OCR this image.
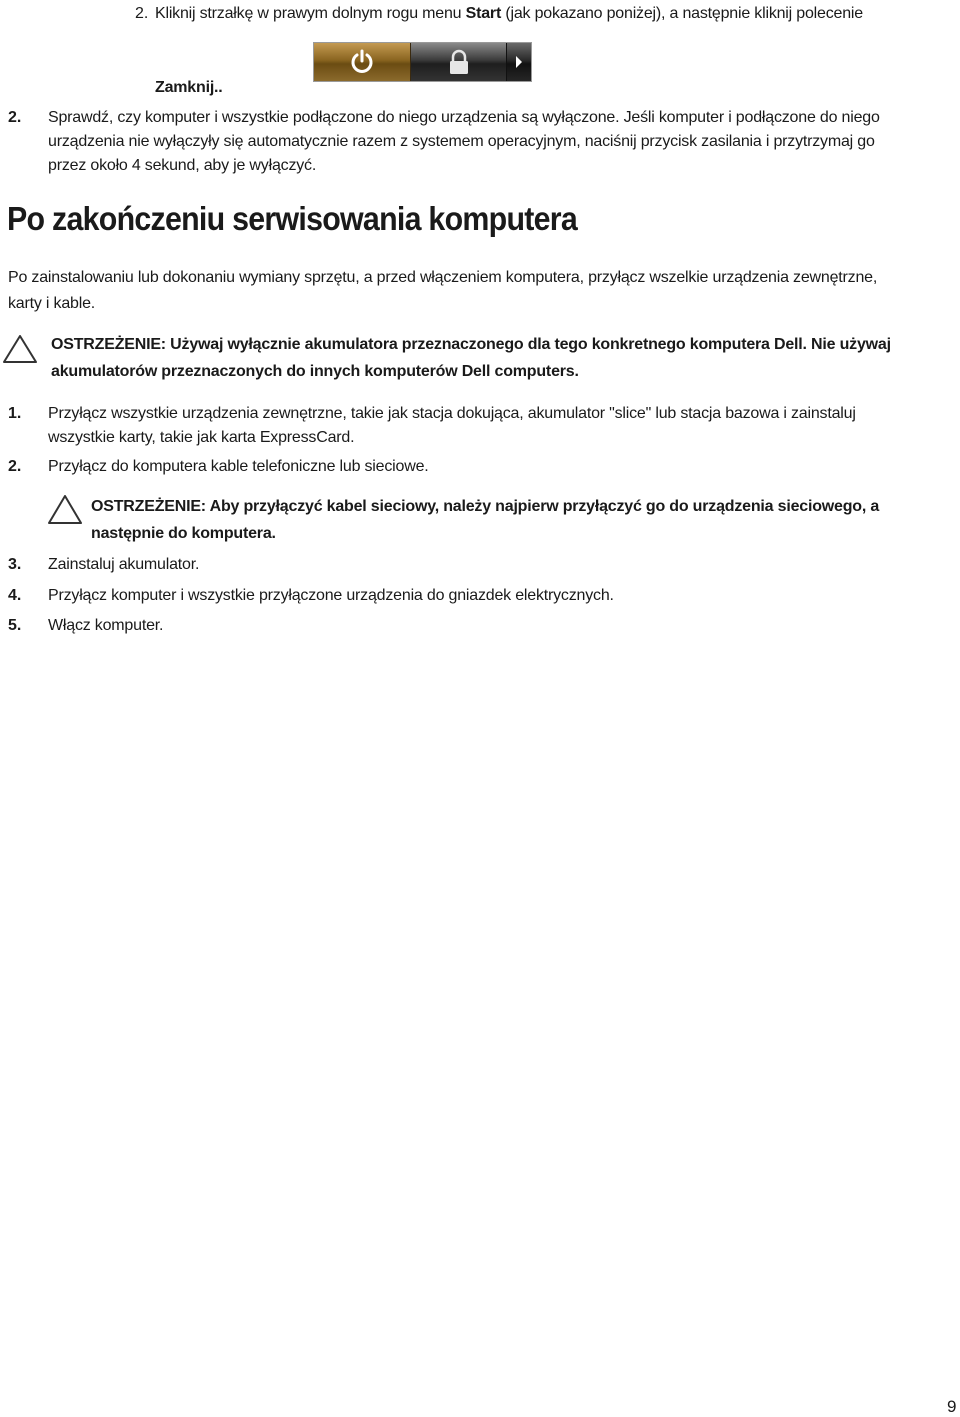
2. Kliknij strzałkę w prawym dolnym rogu menu Start (jak pokazano poniżej), a następnie kliknij polecenie
Zamknij..
2. Sprawdź, czy komputer i wszystkie podłączone do niego urządzenia są wyłączone. Jeśli komputer i podłączone do niego
urządzenia nie wyłączyły się automatycznie razem z systemem operacyjnym, naciśnij przycisk zasilania i przytrzymaj go
przez około 4 sekund, aby je wyłączyć.
Po zakończeniu serwisowania komputera
Po zainstalowaniu lub dokonaniu wymiany sprzętu, a przed włączeniem komputera, przyłącz wszelkie urządzenia zewnętrzne,
karty i kable.
OSTRZEŻENIE: Używaj wyłącznie akumulatora przeznaczonego dla tego konkretnego komputera Dell. Nie używaj
akumulatorów przeznaczonych do innych komputerów Dell computers.
1. Przyłącz wszystkie urządzenia zewnętrzne, takie jak stacja dokująca, akumulator "slice" lub stacja bazowa i zainstaluj
wszystkie karty, takie jak karta ExpressCard.
2. Przyłącz do komputera kable telefoniczne lub sieciowe.
OSTRZEŻENIE: Aby przyłączyć kabel sieciowy, należy najpierw przyłączyć go do urządzenia sieciowego, a
następnie do komputera.
3. Zainstaluj akumulator.
4. Przyłącz komputer i wszystkie przyłączone urządzenia do gniazdek elektrycznych.
5. Włącz komputer.
9
